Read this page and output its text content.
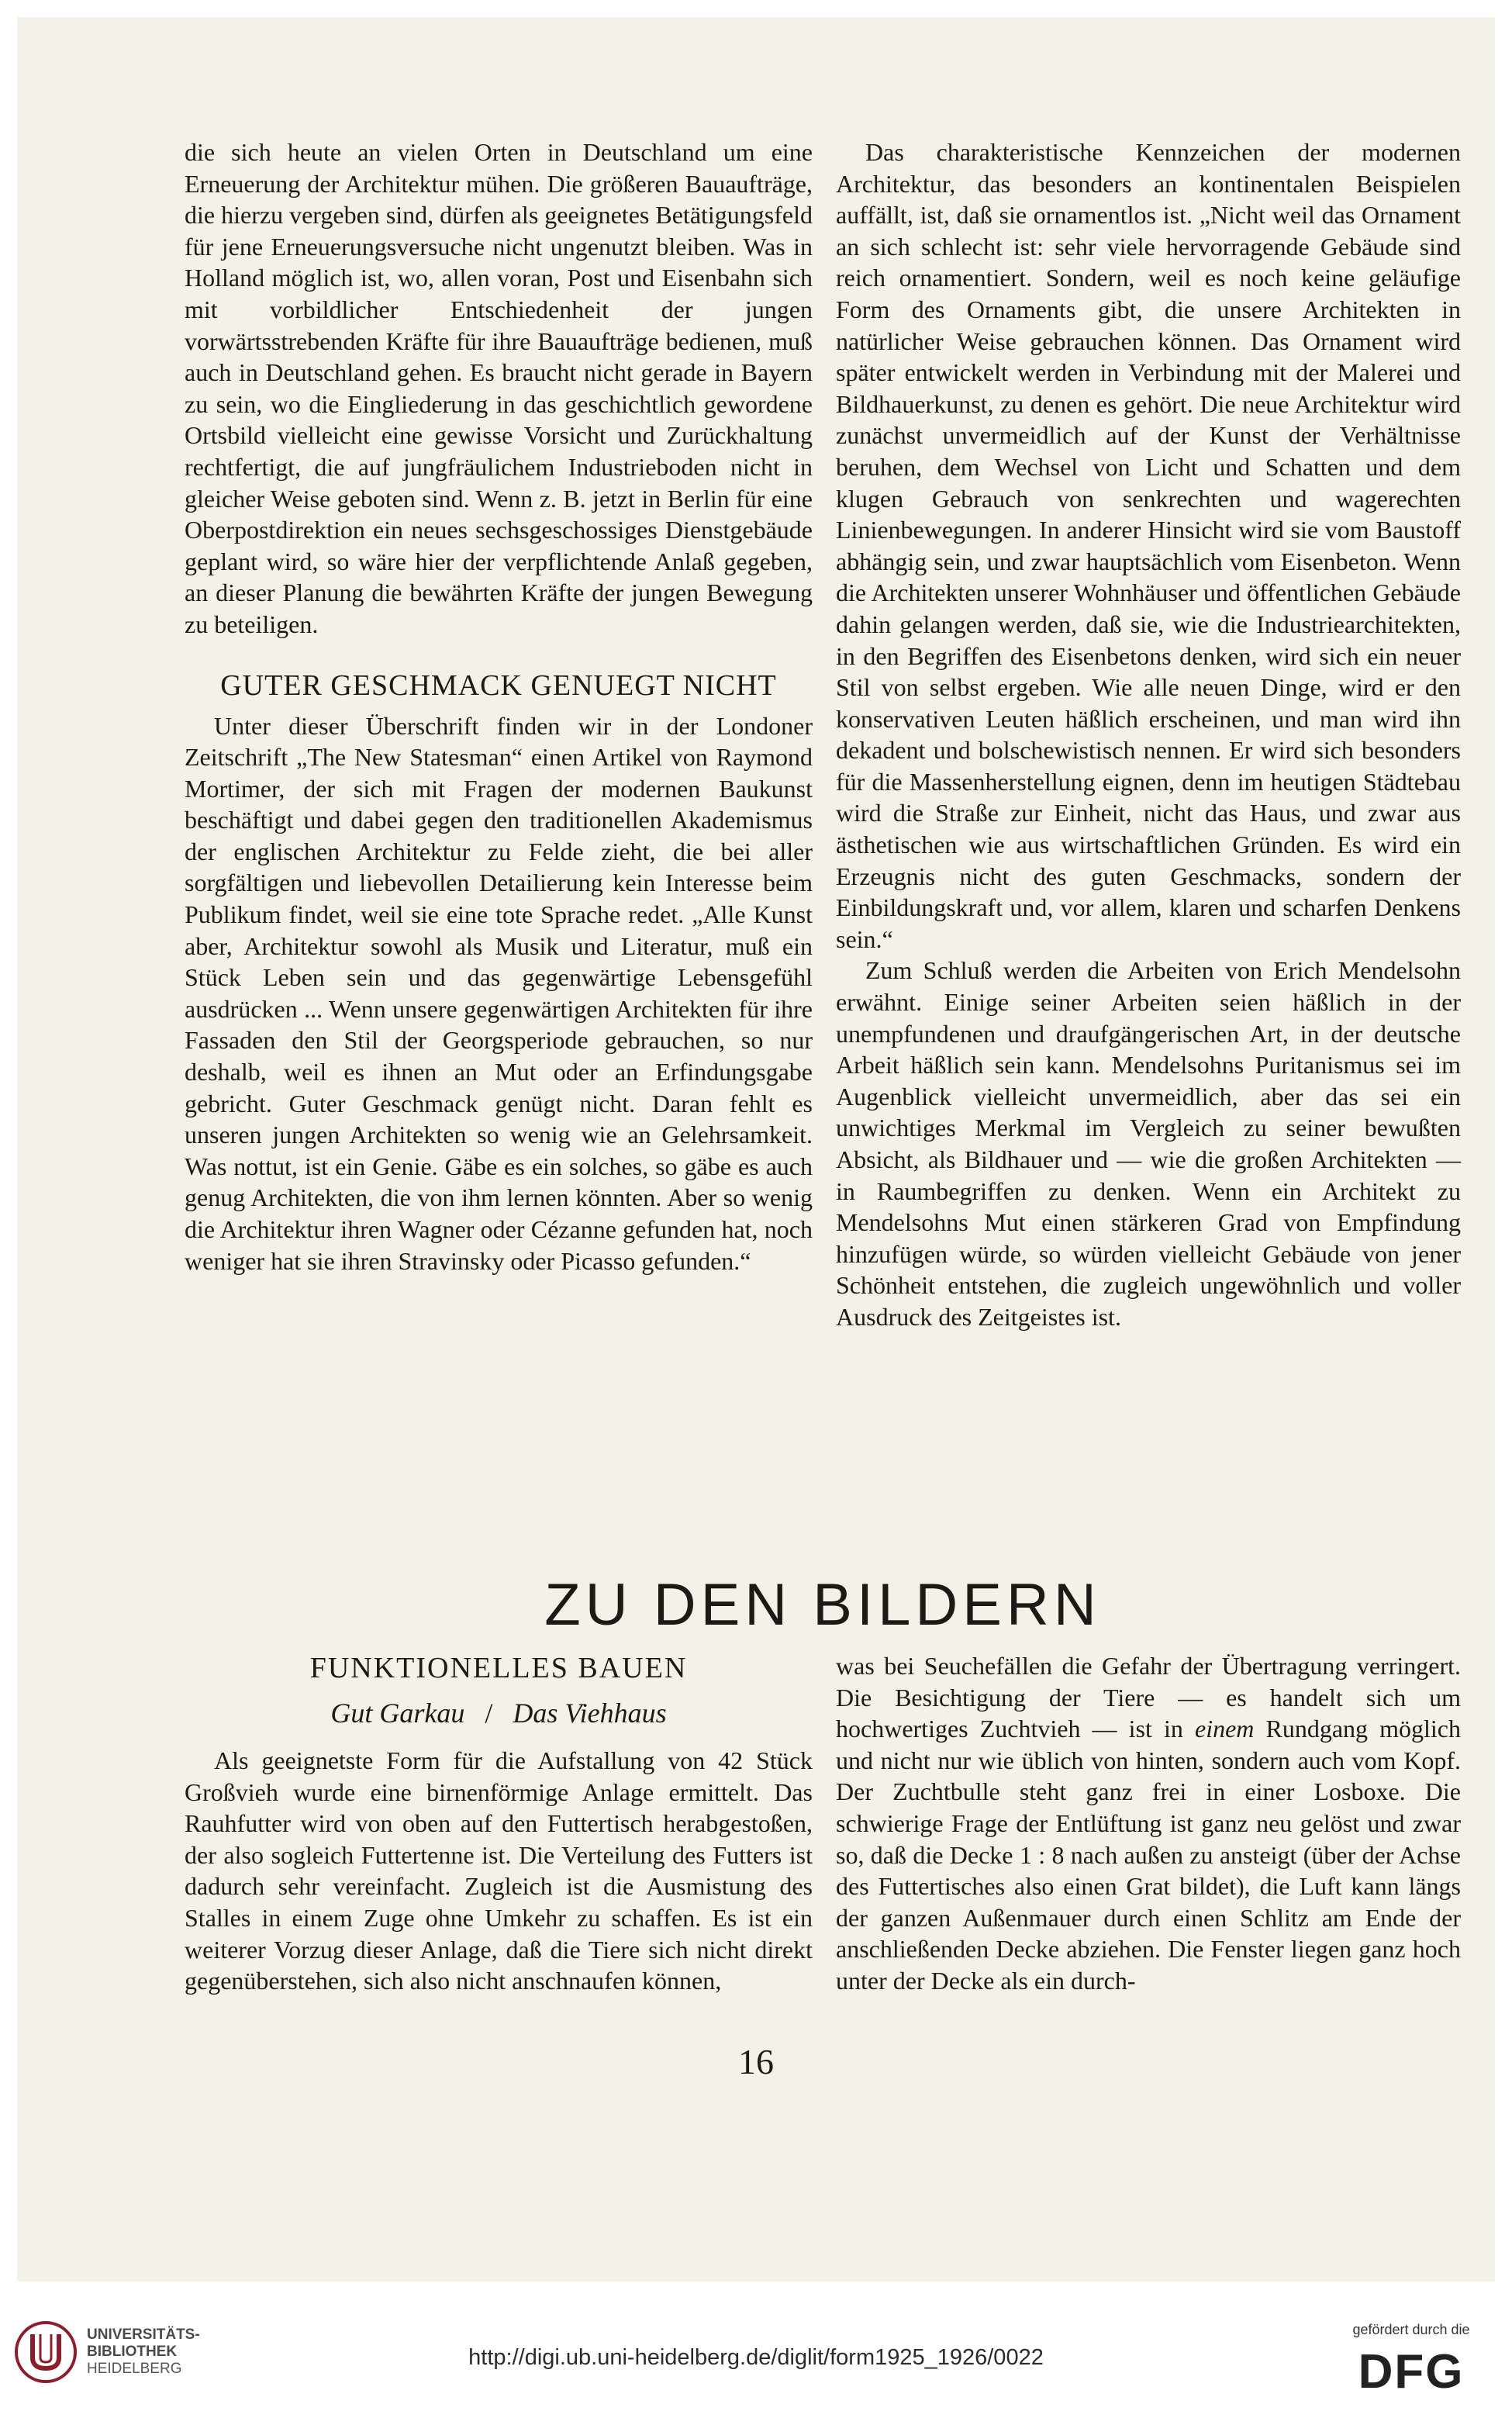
die sich heute an vielen Orten in Deutschland um eine Erneuerung der Architektur mühen. Die größeren Bauaufträge, die hierzu vergeben sind, dürfen als geeignetes Betätigungsfeld für jene Erneuerungsversuche nicht ungenutzt bleiben. Was in Holland möglich ist, wo, allen voran, Post und Eisenbahn sich mit vorbildlicher Entschiedenheit der jungen vorwärtsstrebenden Kräfte für ihre Bauaufträge bedienen, muß auch in Deutschland gehen. Es braucht nicht gerade in Bayern zu sein, wo die Eingliederung in das geschichtlich gewordene Ortsbild vielleicht eine gewisse Vorsicht und Zurückhaltung rechtfertigt, die auf jungfräulichem Industrieboden nicht in gleicher Weise geboten sind. Wenn z. B. jetzt in Berlin für eine Oberpostdirektion ein neues sechsgeschossiges Dienstgebäude geplant wird, so wäre hier der verpflichtende Anlaß gegeben, an dieser Planung die bewährten Kräfte der jungen Bewegung zu beteiligen.

GUTER GESCHMACK GENUEGT NICHT

Unter dieser Überschrift finden wir in der Londoner Zeitschrift „The New Statesman“ einen Artikel von Raymond Mortimer, der sich mit Fragen der modernen Baukunst beschäftigt und dabei gegen den traditionellen Akademismus der englischen Architektur zu Felde zieht, die bei aller sorgfältigen und liebevollen Detailierung kein Interesse beim Publikum findet, weil sie eine tote Sprache redet. „Alle Kunst aber, Architektur sowohl als Musik und Literatur, muß ein Stück Leben sein und das gegenwärtige Lebensgefühl ausdrücken ... Wenn unsere gegenwärtigen Architekten für ihre Fassaden den Stil der Georgsperiode gebrauchen, so nur deshalb, weil es ihnen an Mut oder an Erfindungsgabe gebricht. Guter Geschmack genügt nicht. Daran fehlt es unseren jungen Architekten so wenig wie an Gelehrsamkeit. Was nottut, ist ein Genie. Gäbe es ein solches, so gäbe es auch genug Architekten, die von ihm lernen könnten. Aber so wenig die Architektur ihren Wagner oder Cézanne gefunden hat, noch weniger hat sie ihren Stravinsky oder Picasso gefunden.“

Das charakteristische Kennzeichen der modernen Architektur, das besonders an kontinentalen Beispielen auffällt, ist, daß sie ornamentlos ist. „Nicht weil das Ornament an sich schlecht ist: sehr viele hervorragende Gebäude sind reich ornamentiert. Sondern, weil es noch keine geläufige Form des Ornaments gibt, die unsere Architekten in natürlicher Weise gebrauchen können. Das Ornament wird später entwickelt werden in Verbindung mit der Malerei und Bildhauerkunst, zu denen es gehört. Die neue Architektur wird zunächst unvermeidlich auf der Kunst der Verhältnisse beruhen, dem Wechsel von Licht und Schatten und dem klugen Gebrauch von senkrechten und wagerechten Linienbewegungen. In anderer Hinsicht wird sie vom Baustoff abhängig sein, und zwar hauptsächlich vom Eisenbeton. Wenn die Architekten unserer Wohnhäuser und öffentlichen Gebäude dahin gelangen werden, daß sie, wie die Industriearchitekten, in den Begriffen des Eisenbetons denken, wird sich ein neuer Stil von selbst ergeben. Wie alle neuen Dinge, wird er den konservativen Leuten häßlich erscheinen, und man wird ihn dekadent und bolschewistisch nennen. Er wird sich besonders für die Massenherstellung eignen, denn im heutigen Städtebau wird die Straße zur Einheit, nicht das Haus, und zwar aus ästhetischen wie aus wirtschaftlichen Gründen. Es wird ein Erzeugnis nicht des guten Geschmacks, sondern der Einbildungskraft und, vor allem, klaren und scharfen Denkens sein.“

Zum Schluß werden die Arbeiten von Erich Mendelsohn erwähnt. Einige seiner Arbeiten seien häßlich in der unempfundenen und draufgängerischen Art, in der deutsche Arbeit häßlich sein kann. Mendelsohns Puritanismus sei im Augenblick vielleicht unvermeidlich, aber das sei ein unwichtiges Merkmal im Vergleich zu seiner bewußten Absicht, als Bildhauer und — wie die großen Architekten — in Raumbegriffen zu denken. Wenn ein Architekt zu Mendelsohns Mut einen stärkeren Grad von Empfindung hinzufügen würde, so würden vielleicht Gebäude von jener Schönheit entstehen, die zugleich ungewöhnlich und voller Ausdruck des Zeitgeistes ist.

ZU DEN BILDERN
FUNKTIONELLES BAUEN
Gut Garkau / Das Viehhaus

Als geeignetste Form für die Aufstallung von 42 Stück Großvieh wurde eine birnenförmige Anlage ermittelt. Das Rauhfutter wird von oben auf den Futtertisch herabgestoßen, der also sogleich Futtertenne ist. Die Verteilung des Futters ist dadurch sehr vereinfacht. Zugleich ist die Ausmistung des Stalles in einem Zuge ohne Umkehr zu schaffen. Es ist ein weiterer Vorzug dieser Anlage, daß die Tiere sich nicht direkt gegenüberstehen, sich also nicht anschnaufen können,

was bei Seuchefällen die Gefahr der Übertragung verringert. Die Besichtigung der Tiere — es handelt sich um hochwertiges Zuchtvieh — ist in einem Rundgang möglich und nicht nur wie üblich von hinten, sondern auch vom Kopf. Der Zuchtbulle steht ganz frei in einer Losboxe. Die schwierige Frage der Entlüftung ist ganz neu gelöst und zwar so, daß die Decke 1 : 8 nach außen zu ansteigt (über der Achse des Futtertisches also einen Grat bildet), die Luft kann längs der ganzen Außenmauer durch einen Schlitz am Ende der anschließenden Decke abziehen. Die Fenster liegen ganz hoch unter der Decke als ein durch-

16
UNIVERSITÄTS-
BIBLIOTHEK
HEIDELBERG	http://digi.ub.uni-heidelberg.de/diglit/form1925_1926/0022
gefördert durch die
DFG
